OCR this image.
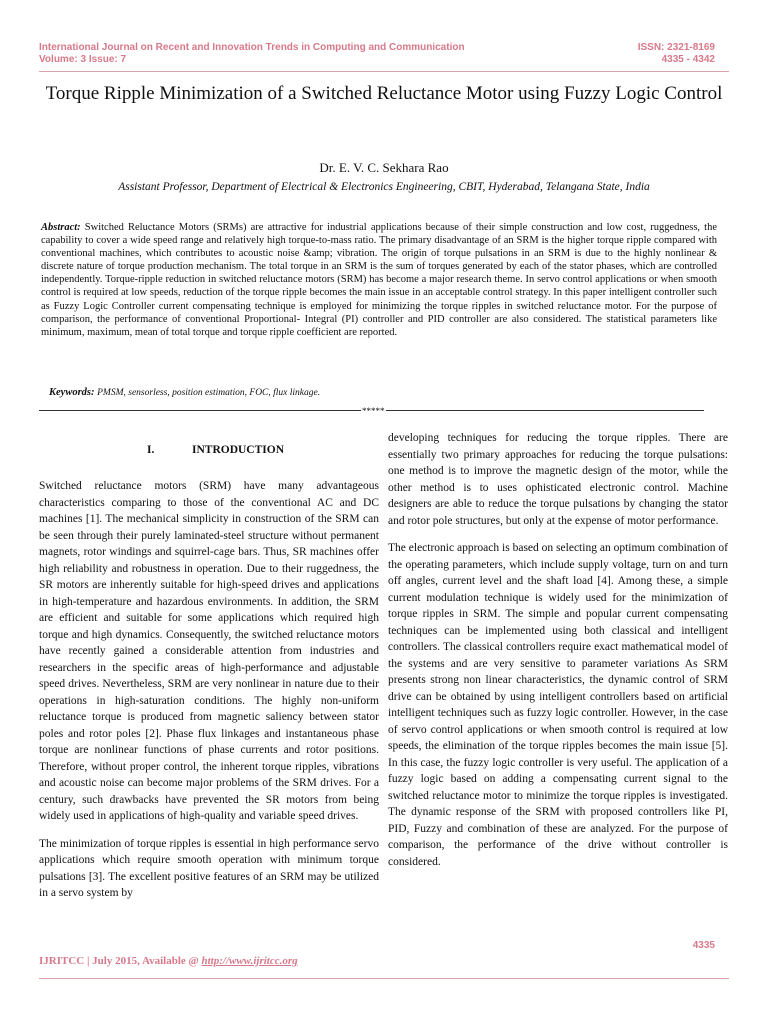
International Journal on Recent and Innovation Trends in Computing and Communication
Volume: 3 Issue: 7
ISSN: 2321-8169
4335 - 4342
Torque Ripple Minimization of a Switched Reluctance Motor using Fuzzy Logic Control
Dr. E. V. C. Sekhara Rao
Assistant Professor, Department of Electrical & Electronics Engineering, CBIT, Hyderabad, Telangana State, India
Abstract: Switched Reluctance Motors (SRMs) are attractive for industrial applications because of their simple construction and low cost, ruggedness, the capability to cover a wide speed range and relatively high torque-to-mass ratio. The primary disadvantage of an SRM is the higher torque ripple compared with conventional machines, which contributes to acoustic noise &amp; vibration. The origin of torque pulsations in an SRM is due to the highly nonlinear & discrete nature of torque production mechanism. The total torque in an SRM is the sum of torques generated by each of the stator phases, which are controlled independently. Torque-ripple reduction in switched reluctance motors (SRM) has become a major research theme. In servo control applications or when smooth control is required at low speeds, reduction of the torque ripple becomes the main issue in an acceptable control strategy. In this paper intelligent controller such as Fuzzy Logic Controller current compensating technique is employed for minimizing the torque ripples in switched reluctance motor. For the purpose of comparison, the performance of conventional Proportional- Integral (PI) controller and PID controller are also considered. The statistical parameters like minimum, maximum, mean of total torque and torque ripple coefficient are reported.
Keywords: PMSM, sensorless, position estimation, FOC, flux linkage.
*****
I.	INTRODUCTION

Switched reluctance motors (SRM) have many advantageous characteristics comparing to those of the conventional AC and DC machines [1]. The mechanical simplicity in construction of the SRM can be seen through their purely laminated-steel structure without permanent magnets, rotor windings and squirrel-cage bars. Thus, SR machines offer high reliability and robustness in operation. Due to their ruggedness, the SR motors are inherently suitable for high-speed drives and applications in high-temperature and hazardous environments. In addition, the SRM are efficient and suitable for some applications which required high torque and high dynamics. Consequently, the switched reluctance motors have recently gained a considerable attention from industries and researchers in the specific areas of high-performance and adjustable speed drives. Nevertheless, SRM are very nonlinear in nature due to their operations in high-saturation conditions. The highly non-uniform reluctance torque is produced from magnetic saliency between stator poles and rotor poles [2]. Phase flux linkages and instantaneous phase torque are nonlinear functions of phase currents and rotor positions. Therefore, without proper control, the inherent torque ripples, vibrations and acoustic noise can become major problems of the SRM drives. For a century, such drawbacks have prevented the SR motors from being widely used in applications of high-quality and variable speed drives.

The minimization of torque ripples is essential in high performance servo applications which require smooth operation with minimum torque pulsations [3]. The excellent positive features of an SRM may be utilized in a servo system by

developing techniques for reducing the torque ripples. There are essentially two primary approaches for reducing the torque pulsations: one method is to improve the magnetic design of the motor, while the other method is to uses ophisticated electronic control. Machine designers are able to reduce the torque pulsations by changing the stator and rotor pole structures, but only at the expense of motor performance.

The electronic approach is based on selecting an optimum combination of the operating parameters, which include supply voltage, turn on and turn off angles, current level and the shaft load [4]. Among these, a simple current modulation technique is widely used for the minimization of torque ripples in SRM. The simple and popular current compensating techniques can be implemented using both classical and intelligent controllers. The classical controllers require exact mathematical model of the systems and are very sensitive to parameter variations As SRM presents strong non linear characteristics, the dynamic control of SRM drive can be obtained by using intelligent controllers based on artificial intelligent techniques such as fuzzy logic controller. However, in the case of servo control applications or when smooth control is required at low speeds, the elimination of the torque ripples becomes the main issue [5]. In this case, the fuzzy logic controller is very useful. The application of a fuzzy logic based on adding a compensating current signal to the switched reluctance motor to minimize the torque ripples is investigated. The dynamic response of the SRM with proposed controllers like PI, PID, Fuzzy and combination of these are analyzed. For the purpose of comparison, the performance of the drive without controller is considered.

4335
IJRITCC | July 2015, Available @ http://www.ijritcc.org
